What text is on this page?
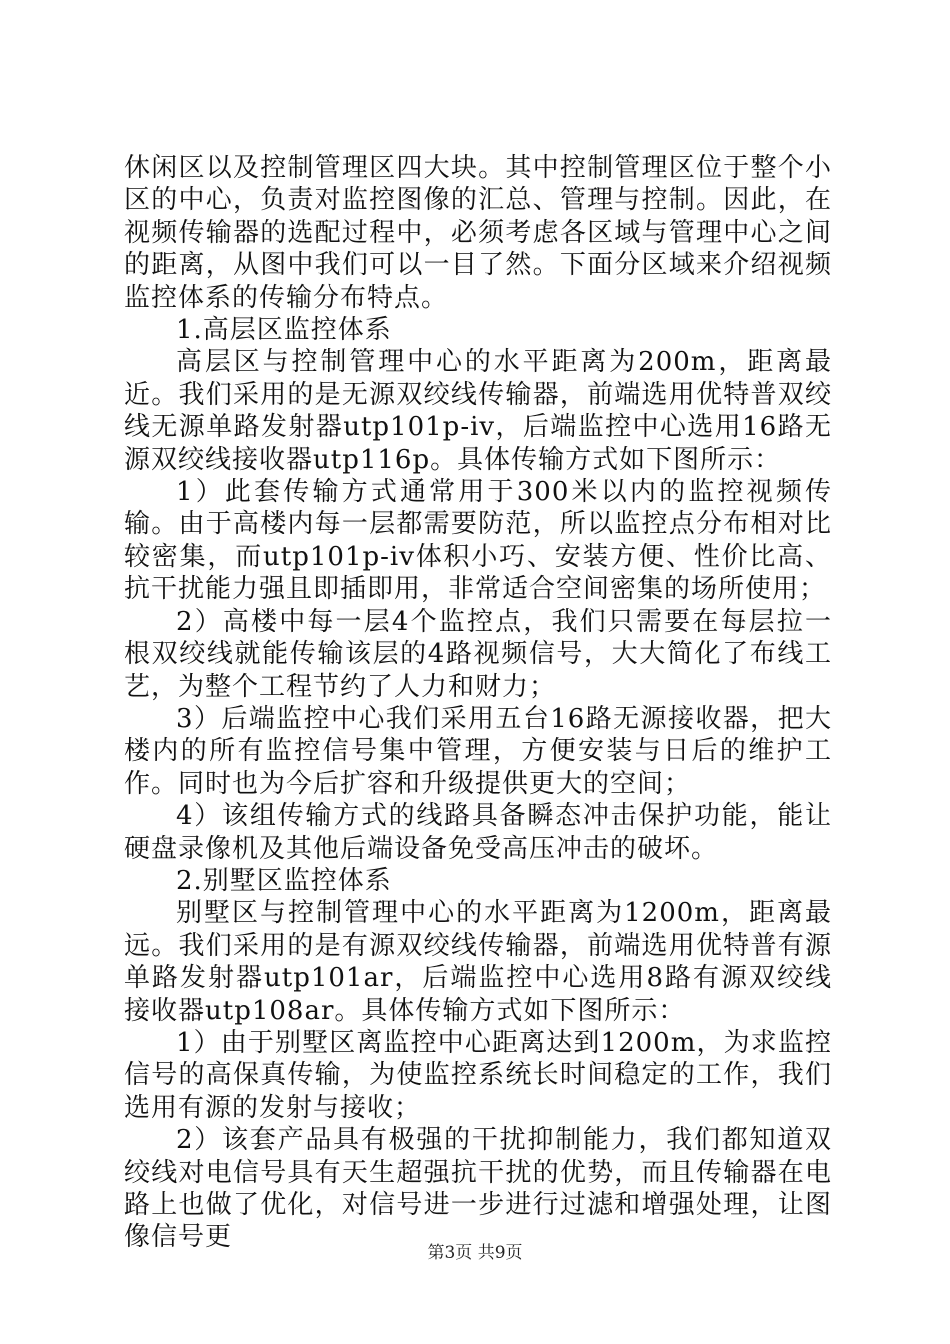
休闲区以及控制管理区四大块。其中控制管理区位于整个小区的中心，负责对监控图像的汇总、管理与控制。因此，在视频传输器的选配过程中，必须考虑各区域与管理中心之间的距离，从图中我们可以一目了然。下面分区域来介绍视频监控体系的传输分布特点。

1.高层区监控体系

高层区与控制管理中心的水平距离为200m，距离最近。我们采用的是无源双绞线传输器，前端选用优特普双绞线无源单路发射器utp101p-iv，后端监控中心选用16路无源双绞线接收器utp116p。具体传输方式如下图所示：

1）此套传输方式通常用于300米以内的监控视频传输。由于高楼内每一层都需要防范，所以监控点分布相对比较密集，而utp101p-iv体积小巧、安装方便、性价比高、抗干扰能力强且即插即用，非常适合空间密集的场所使用；

2）高楼中每一层4个监控点，我们只需要在每层拉一根双绞线就能传输该层的4路视频信号，大大简化了布线工艺，为整个工程节约了人力和财力；

3）后端监控中心我们采用五台16路无源接收器，把大楼内的所有监控信号集中管理，方便安装与日后的维护工作。同时也为今后扩容和升级提供更大的空间；

4）该组传输方式的线路具备瞬态冲击保护功能，能让硬盘录像机及其他后端设备免受高压冲击的破坏。

2.别墅区监控体系

别墅区与控制管理中心的水平距离为1200m，距离最远。我们采用的是有源双绞线传输器，前端选用优特普有源单路发射器utp101ar，后端监控中心选用8路有源双绞线接收器utp108ar。具体传输方式如下图所示：

1）由于别墅区离监控中心距离达到1200m，为求监控信号的高保真传输，为使监控系统长时间稳定的工作，我们选用有源的发射与接收；

2）该套产品具有极强的干扰抑制能力，我们都知道双绞线对电信号具有天生超强抗干扰的优势，而且传输器在电路上也做了优化，对信号进一步进行过滤和增强处理，让图像信号更

第3页 共9页
